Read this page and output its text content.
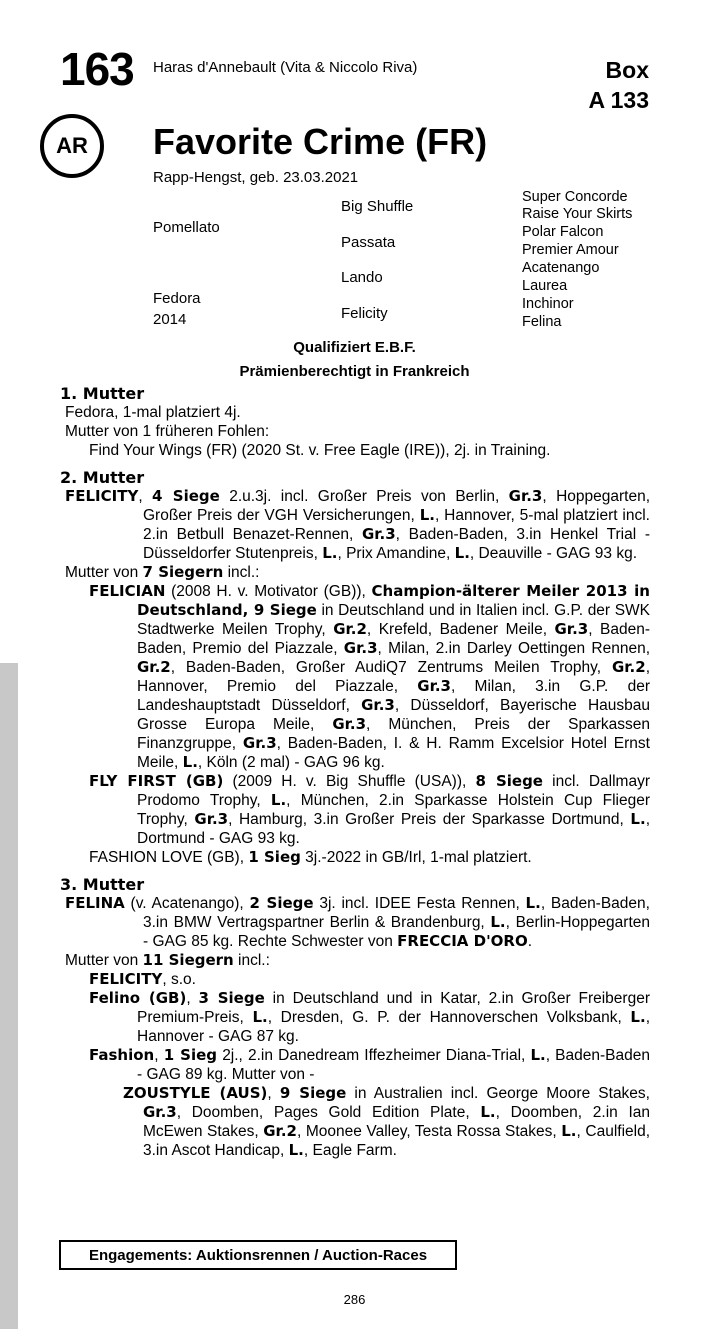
163 Haras d'Annebault (Vita & Niccolo Riva)	Box
A 133
AR	Favorite Crime (FR)
Rapp-Hengst, geb. 23.03.2021
Pomellato
Fedora
2014
Big Shuffle
Passata
Lando
Felicity
Super Concorde
Raise Your Skirts
Polar Falcon
Premier Amour
Acatenango
Laurea
Inchinor
Felina
Qualifiziert E.B.F.
Prämienberechtigt in Frankreich

1. Mutter

Fedora, 1-mal platziert 4j.

Mutter von 1 früheren Fohlen:

Find Your Wings (FR) (2020 St. v. Free Eagle (IRE)), 2j. in Training.

2. Mutter

FELICITY, 4 Siege 2.u.3j. incl. Großer Preis von Berlin, Gr.3, Hoppegarten, Großer Preis der VGH Versicherungen, L., Hannover, 5-mal platziert incl. 2.in Betbull Benazet-Rennen, Gr.3, Baden-Baden, 3.in Henkel Trial - Düsseldorfer Stutenpreis, L., Prix Amandine, L., Deauville - GAG 93 kg.

Mutter von 7 Siegern incl.:

FELICIAN (2008 H. v. Motivator (GB)), Champion-älterer Meiler 2013 in Deutschland, 9 Siege in Deutschland und in Italien incl. G.P. der SWK Stadtwerke Meilen Trophy, Gr.2, Krefeld, Badener Meile, Gr.3, Baden-Baden, Premio del Piazzale, Gr.3, Milan, 2.in Darley Oettingen Rennen, Gr.2, Baden-Baden, Großer AudiQ7 Zentrums Meilen Trophy, Gr.2, Hannover, Premio del Piazzale, Gr.3, Milan, 3.in G.P. der Landeshauptstadt Düsseldorf, Gr.3, Düsseldorf, Bayerische Hausbau Grosse Europa Meile, Gr.3, München, Preis der Sparkassen Finanzgruppe, Gr.3, Baden-Baden, I. & H. Ramm Excelsior Hotel Ernst Meile, L., Köln (2 mal) - GAG 96 kg.

FLY FIRST (GB) (2009 H. v. Big Shuffle (USA)), 8 Siege incl. Dallmayr Prodomo Trophy, L., München, 2.in Sparkasse Holstein Cup Flieger Trophy, Gr.3, Hamburg, 3.in Großer Preis der Sparkasse Dortmund, L., Dortmund - GAG 93 kg.

FASHION LOVE (GB), 1 Sieg 3j.-2022 in GB/Irl, 1-mal platziert.

3. Mutter

FELINA (v. Acatenango), 2 Siege 3j. incl. IDEE Festa Rennen, L., Baden-Baden, 3.in BMW Vertragspartner Berlin & Brandenburg, L., Berlin-Hoppegarten - GAG 85 kg. Rechte Schwester von FRECCIA D'ORO.

Mutter von 11 Siegern incl.:

FELICITY, s.o.

Felino (GB), 3 Siege in Deutschland und in Katar, 2.in Großer Freiberger Premium-Preis, L., Dresden, G. P. der Hannoverschen Volksbank, L., Hannover - GAG 87 kg.

Fashion, 1 Sieg 2j., 2.in Danedream Iffezheimer Diana-Trial, L., Baden-Baden - GAG 89 kg. Mutter von -

ZOUSTYLE (AUS), 9 Siege in Australien incl. George Moore Stakes, Gr.3, Doomben, Pages Gold Edition Plate, L., Doomben, 2.in Ian McEwen Stakes, Gr.2, Moonee Valley, Testa Rossa Stakes, L., Caulfield, 3.in Ascot Handicap, L., Eagle Farm.

Engagements: Auktionsrennen / Auction-Races
286
